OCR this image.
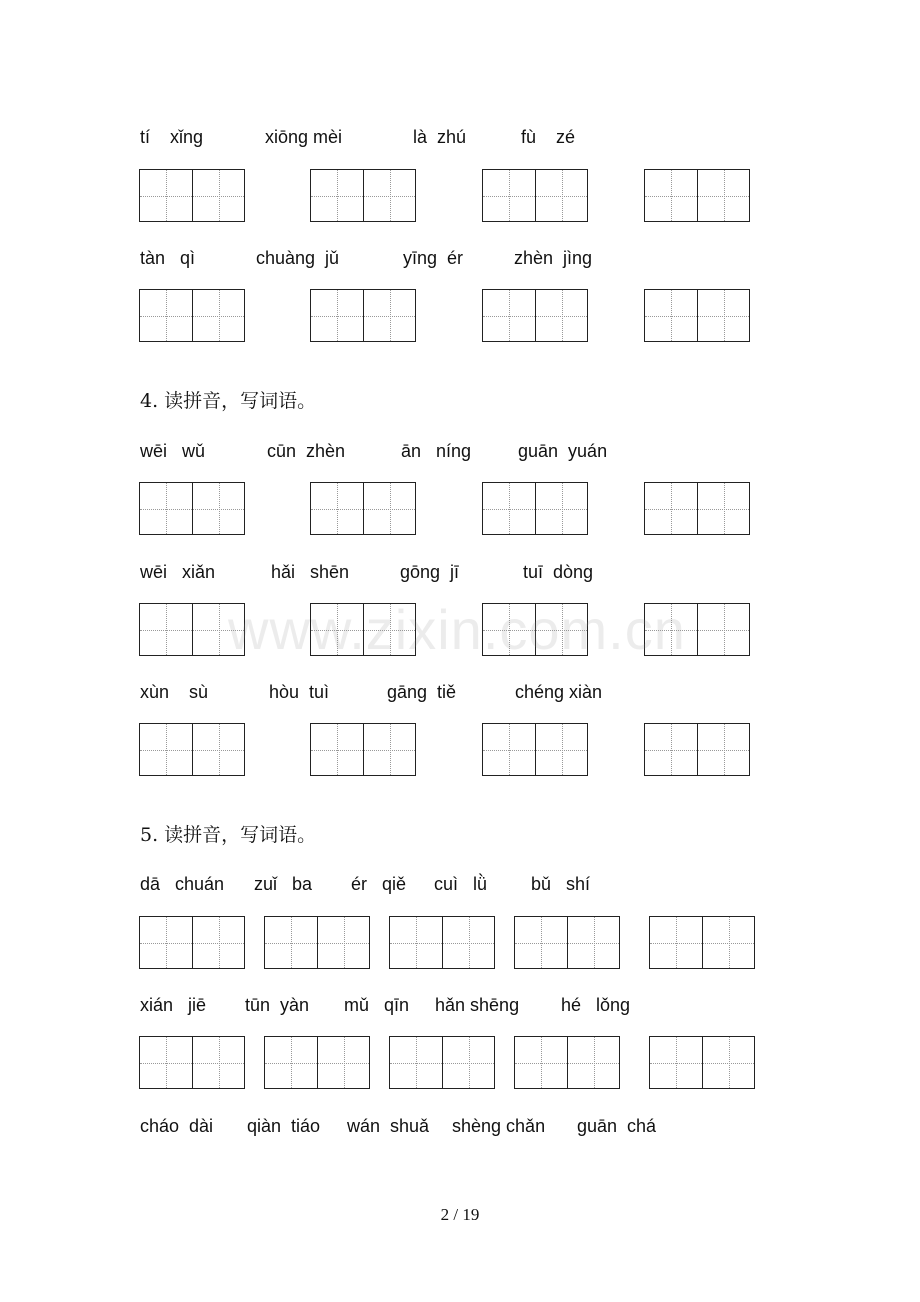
tí    xǐng	xiōng mèi	là  zhú	fù    zé
tàn   qì	chuàng  jǔ	yīng  ér	zhèn  jìng
4. 读拼音，写词语。
wēi   wǔ	cūn  zhèn	ān   níng	guān  yuán
wēi   xiǎn	hǎi   shēn	gōng  jī	tuī  dòng
xùn    sù	hòu  tuì	gāng  tiě	chéng xiàn
5. 读拼音，写词语。
dā   chuán zuǐ   ba ér   qiě cuì   lǜ bǔ   shí
xián   jiē tūn  yàn mǔ   qīn hǎn shēng hé   lǒng
cháo  dài qiàn  tiáo wán  shuǎ shèng chǎn guān  chá
www.zixin.com.cn
2 / 19
